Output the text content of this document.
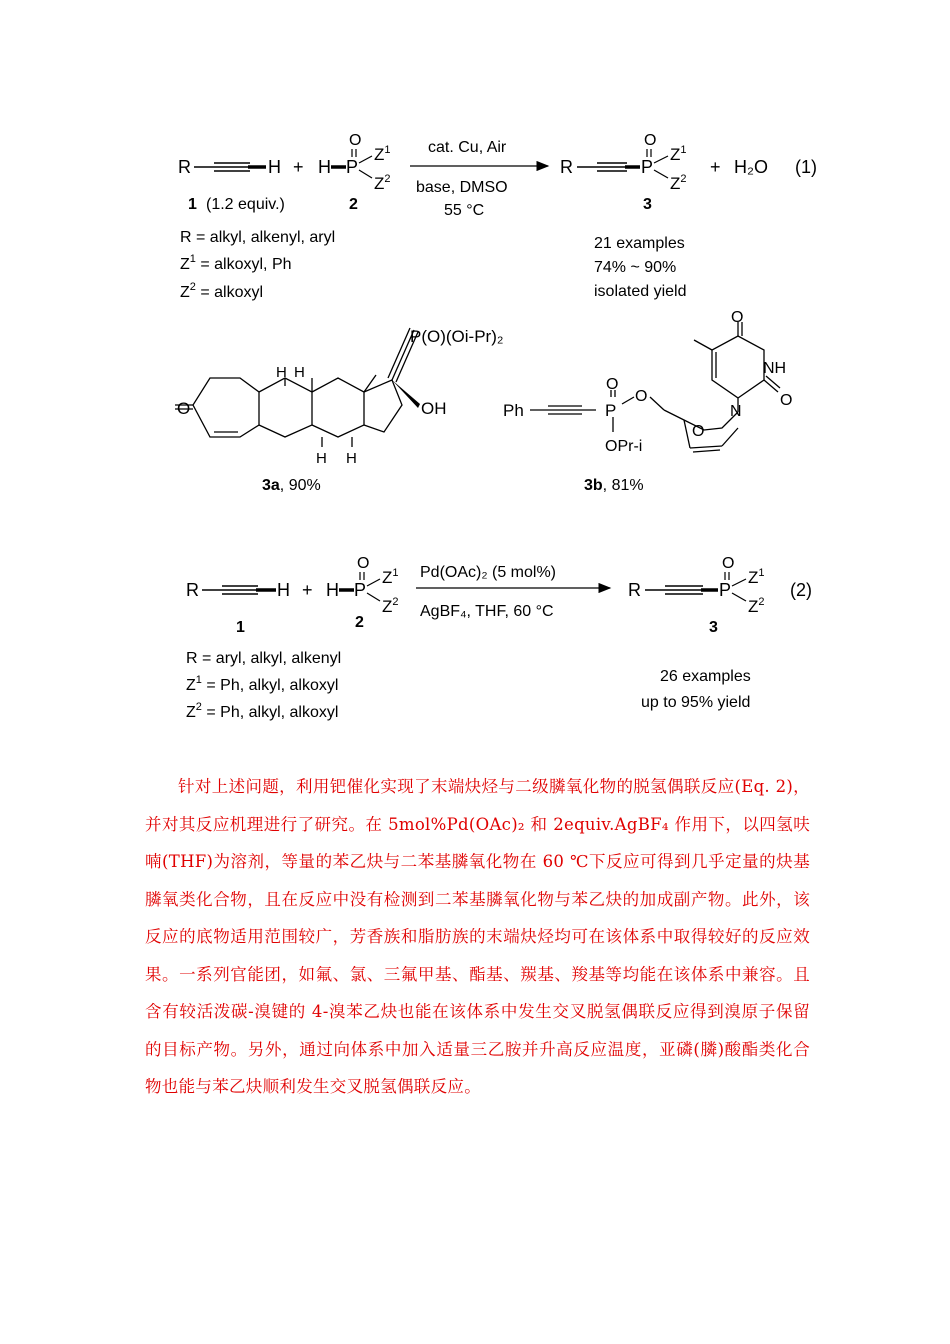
R	H + H P
O
$Z^1$
$Z^2$
1 (1.2 equiv.)	2
cat. Cu, Air
base, DMSO
55 °C
R	P
O
$Z^1$
$Z^2$
+ H₂O (1)
3
R = alkyl, alkenyl, aryl
$Z^1$ = alkoxyl, Ph
$Z^2$ = alkoxyl
21 examples
74% ~ 90%
isolated yield
P(O)(Oi-Pr)₂
O	OH
H H
H H
3a, 90%
Ph	P
O
O
O
OPr-i
NH
N
O
O
3b, 81%
R	H + H P
O
$Z^1$
$Z^2$
1	2
Pd(OAc)₂ (5 mol%)
AgBF₄, THF, 60 °C
R	P
O
$Z^1$
$Z^2$
(2)
3
R = aryl, alkyl, alkenyl
$Z^1 = Ph$, alkyl, alkoxyl
$Z^2 = Ph$, alkyl, alkoxyl
26 examples
up to 95% yield

针对上述问题，利用钯催化实现了末端炔烃与二级膦氧化物的脱氢偶联反应(Eq. 2)，并对其反应机理进行了研究。在 5mol%Pd(OAc)₂ 和 2equiv.AgBF₄ 作用下，以四氢呋喃(THF)为溶剂，等量的苯乙炔与二苯基膦氧化物在 60 ℃下反应可得到几乎定量的炔基膦氧类化合物，且在反应中没有检测到二苯基膦氧化物与苯乙炔的加成副产物。此外，该反应的底物适用范围较广，芳香族和脂肪族的末端炔烃均可在该体系中取得较好的反应效果。一系列官能团，如氟、氯、三氟甲基、酯基、羰基、羧基等均能在该体系中兼容。且含有较活泼碳-溴键的 4-溴苯乙炔也能在该体系中发生交叉脱氢偶联反应得到溴原子保留的目标产物。另外，通过向体系中加入适量三乙胺并升高反应温度，亚磷(膦)酸酯类化合物也能与苯乙炔顺利发生交叉脱氢偶联反应。
